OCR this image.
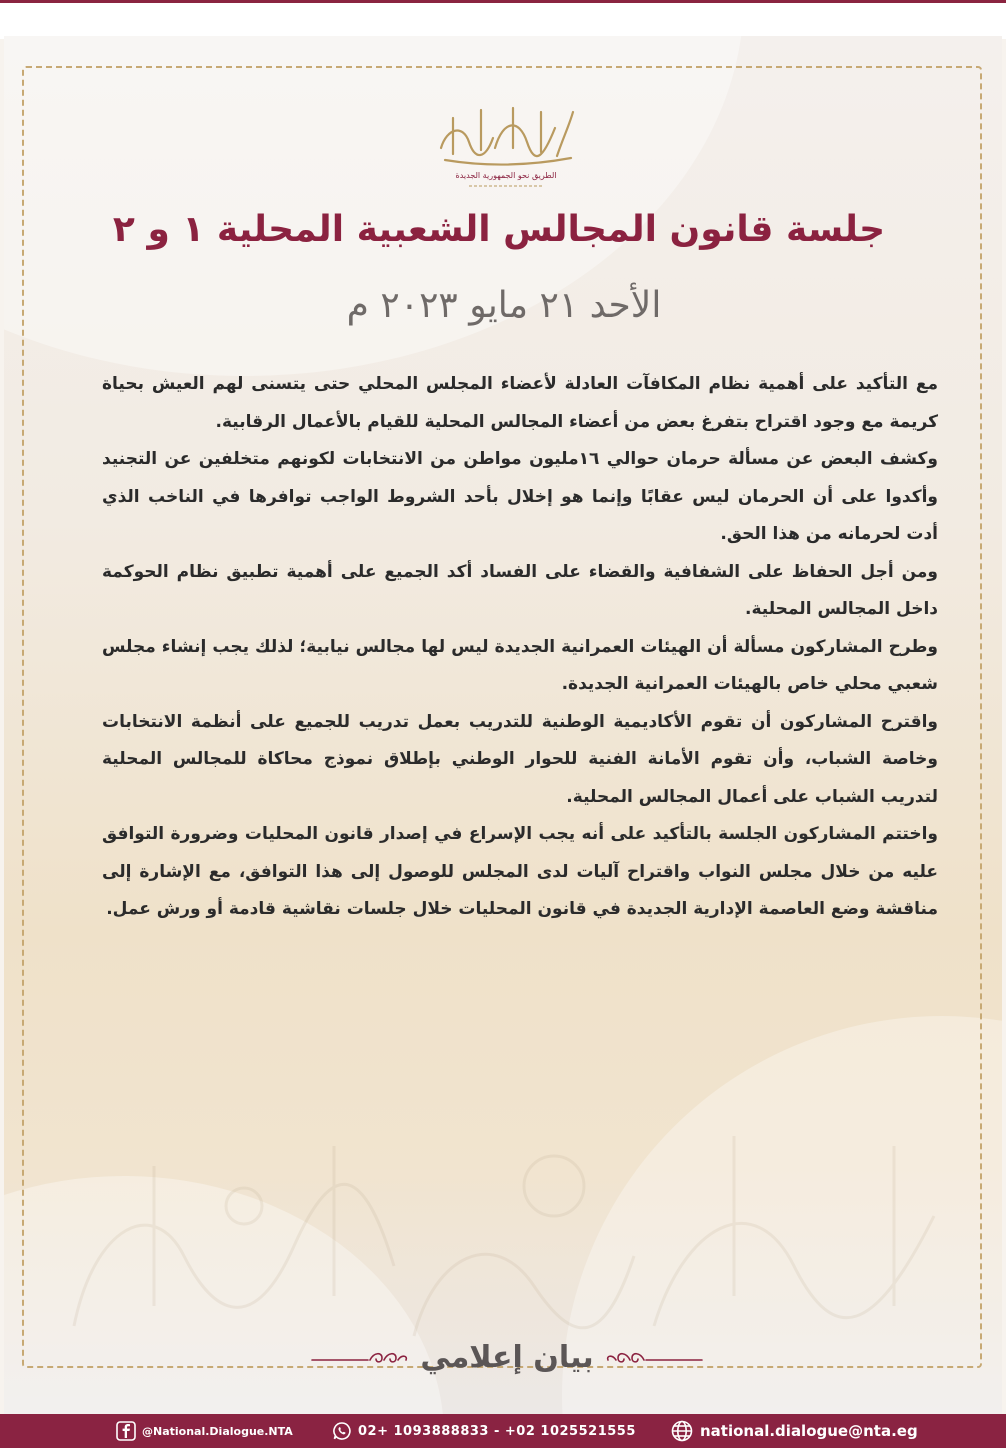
الطريق نحو الجمهورية الجديدة
جلسة قانون المجالس الشعبية المحلية ١ و ٢
الأحد ٢١ مايو ٢٠٢٣ م

مع التأكيد على أهمية نظام المكافآت العادلة لأعضاء المجلس المحلي حتى يتسنى لهم العيش بحياة كريمة مع وجود اقتراح بتفرغ بعض من أعضاء المجالس المحلية للقيام بالأعمال الرقابية.

وكشف البعض عن مسألة حرمان حوالي ١٦مليون مواطن من الانتخابات لكونهم متخلفين عن التجنيد وأكدوا على أن الحرمان ليس عقابًا وإنما هو إخلال بأحد الشروط الواجب توافرها في الناخب الذي أدت لحرمانه من هذا الحق.

ومن أجل الحفاظ على الشفافية والقضاء على الفساد أكد الجميع على أهمية تطبيق نظام الحوكمة داخل المجالس المحلية.

وطرح المشاركون مسألة أن الهيئات العمرانية الجديدة ليس لها مجالس نيابية؛ لذلك يجب إنشاء مجلس شعبي محلي خاص بالهيئات العمرانية الجديدة.

واقترح المشاركون أن تقوم الأكاديمية الوطنية للتدريب بعمل تدريب للجميع على أنظمة الانتخابات وخاصة الشباب، وأن تقوم الأمانة الفنية للحوار الوطني بإطلاق نموذج محاكاة للمجالس المحلية لتدريب الشباب على أعمال المجالس المحلية.

واختتم المشاركون الجلسة بالتأكيد على أنه يجب الإسراع في إصدار قانون المحليات وضرورة التوافق عليه من خلال مجلس النواب واقتراح آليات لدى المجلس للوصول إلى هذا التوافق، مع الإشارة إلى مناقشة وضع العاصمة الإدارية الجديدة في قانون المحليات خلال جلسات نقاشية قادمة أو ورش عمل.

بيان إعلامي
@National.Dialogue.NTA	02+ 1093888833 - +02 1025521555	national.dialogue@nta.eg
